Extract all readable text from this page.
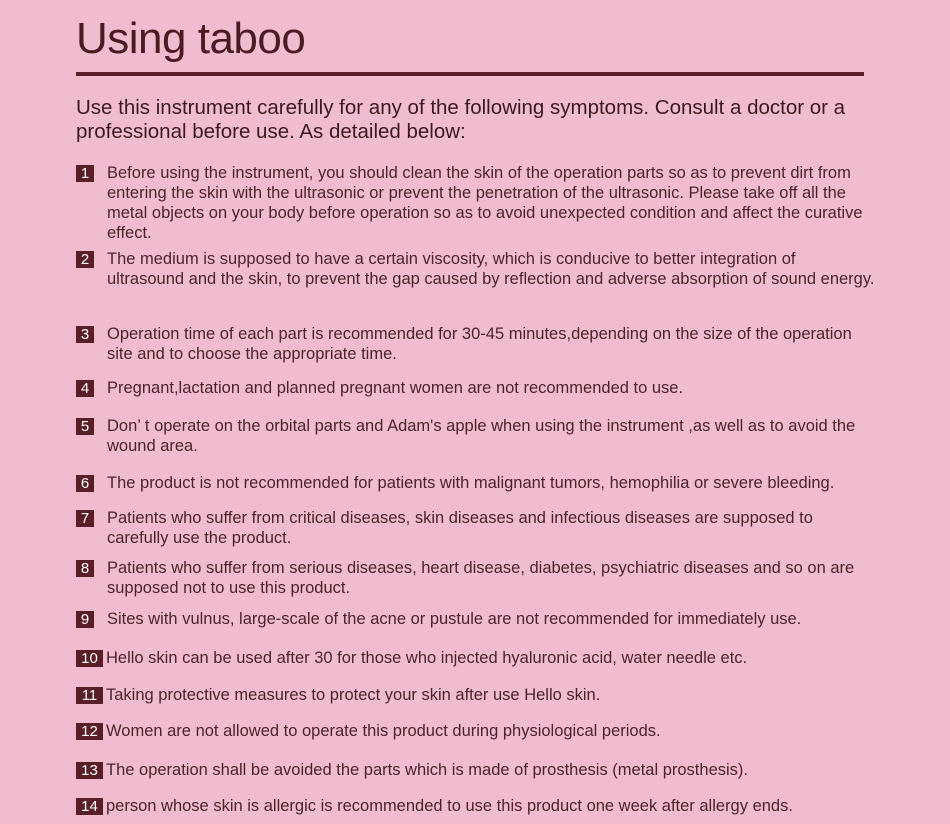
Using taboo

Use this instrument carefully for any of the following symptoms. Consult a doctor or a professional before use. As detailed below:

1 Before using the instrument, you should clean the skin of the operation parts so as to prevent dirt from entering the skin with the ultrasonic or prevent the penetration of the ultrasonic. Please take off all the metal objects on your body before operation so as to avoid unexpected condition and affect the curative effect.
2 The medium is supposed to have a certain viscosity, which is conducive to better integration of ultrasound and the skin, to prevent the gap caused by reflection and adverse absorption of sound energy.
3 Operation time of each part is recommended for 30-45 minutes,depending on the size of the operation site and to choose the appropriate time.
4 Pregnant,lactation and planned pregnant women are not recommended to use.
5 Don’ t operate on the orbital parts and Adam's apple when using the instrument ,as well as to avoid the wound area.
6 The product is not recommended for patients with malignant tumors, hemophilia or severe bleeding.
7 Patients who suffer from critical diseases, skin diseases and infectious diseases are supposed to carefully use the product.
8 Patients who suffer from serious diseases, heart disease, diabetes, psychiatric diseases and so on are supposed not to use this product.
9 Sites with vulnus, large-scale of the acne or pustule are not recommended for immediately use.
10 Hello skin can be used after 30 for those who injected hyaluronic acid, water needle etc.
11 Taking protective measures to protect your skin after use Hello skin.
12 Women are not allowed to operate this product during physiological periods.
13 The operation shall be avoided the parts which is made of prosthesis (metal prosthesis).
14 person whose skin is allergic is recommended to use this product one week after allergy ends.
